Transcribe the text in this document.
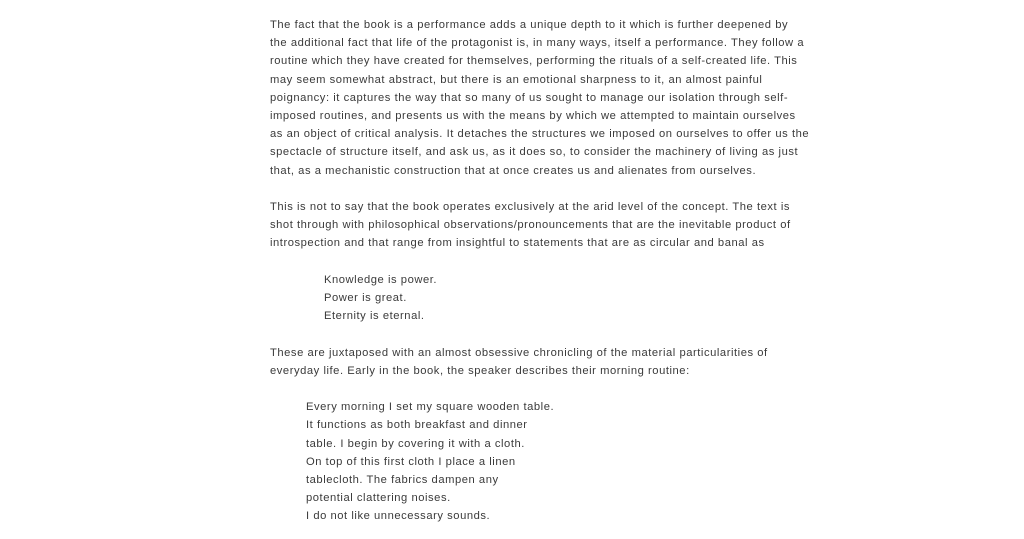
The fact that the book is a performance adds a unique depth to it which is further deepened by
the additional fact that life of the protagonist is, in many ways, itself a performance. They follow a
routine which they have created for themselves, performing the rituals of a self-created life. This
may seem somewhat abstract, but there is an emotional sharpness to it, an almost painful
poignancy: it captures the way that so many of us sought to manage our isolation through self-
imposed routines, and presents us with the means by which we attempted to maintain ourselves
as an object of critical analysis. It detaches the structures we imposed on ourselves to offer us the
spectacle of structure itself, and ask us, as it does so, to consider the machinery of living as just
that, as a mechanistic construction that at once creates us and alienates from ourselves.

This is not to say that the book operates exclusively at the arid level of the concept. The text is
shot through with philosophical observations/pronouncements that are the inevitable product of
introspection and that range from insightful to statements that are as circular and banal as

Knowledge is power.
Power is great.
Eternity is eternal.

These are juxtaposed with an almost obsessive chronicling of the material particularities of
everyday life. Early in the book, the speaker describes their morning routine:

Every morning I set my square wooden table.
It functions as both breakfast and dinner
table. I begin by covering it with a cloth.
On top of this first cloth I place a linen
tablecloth. The fabrics dampen any
potential clattering noises.
I do not like unnecessary sounds.
